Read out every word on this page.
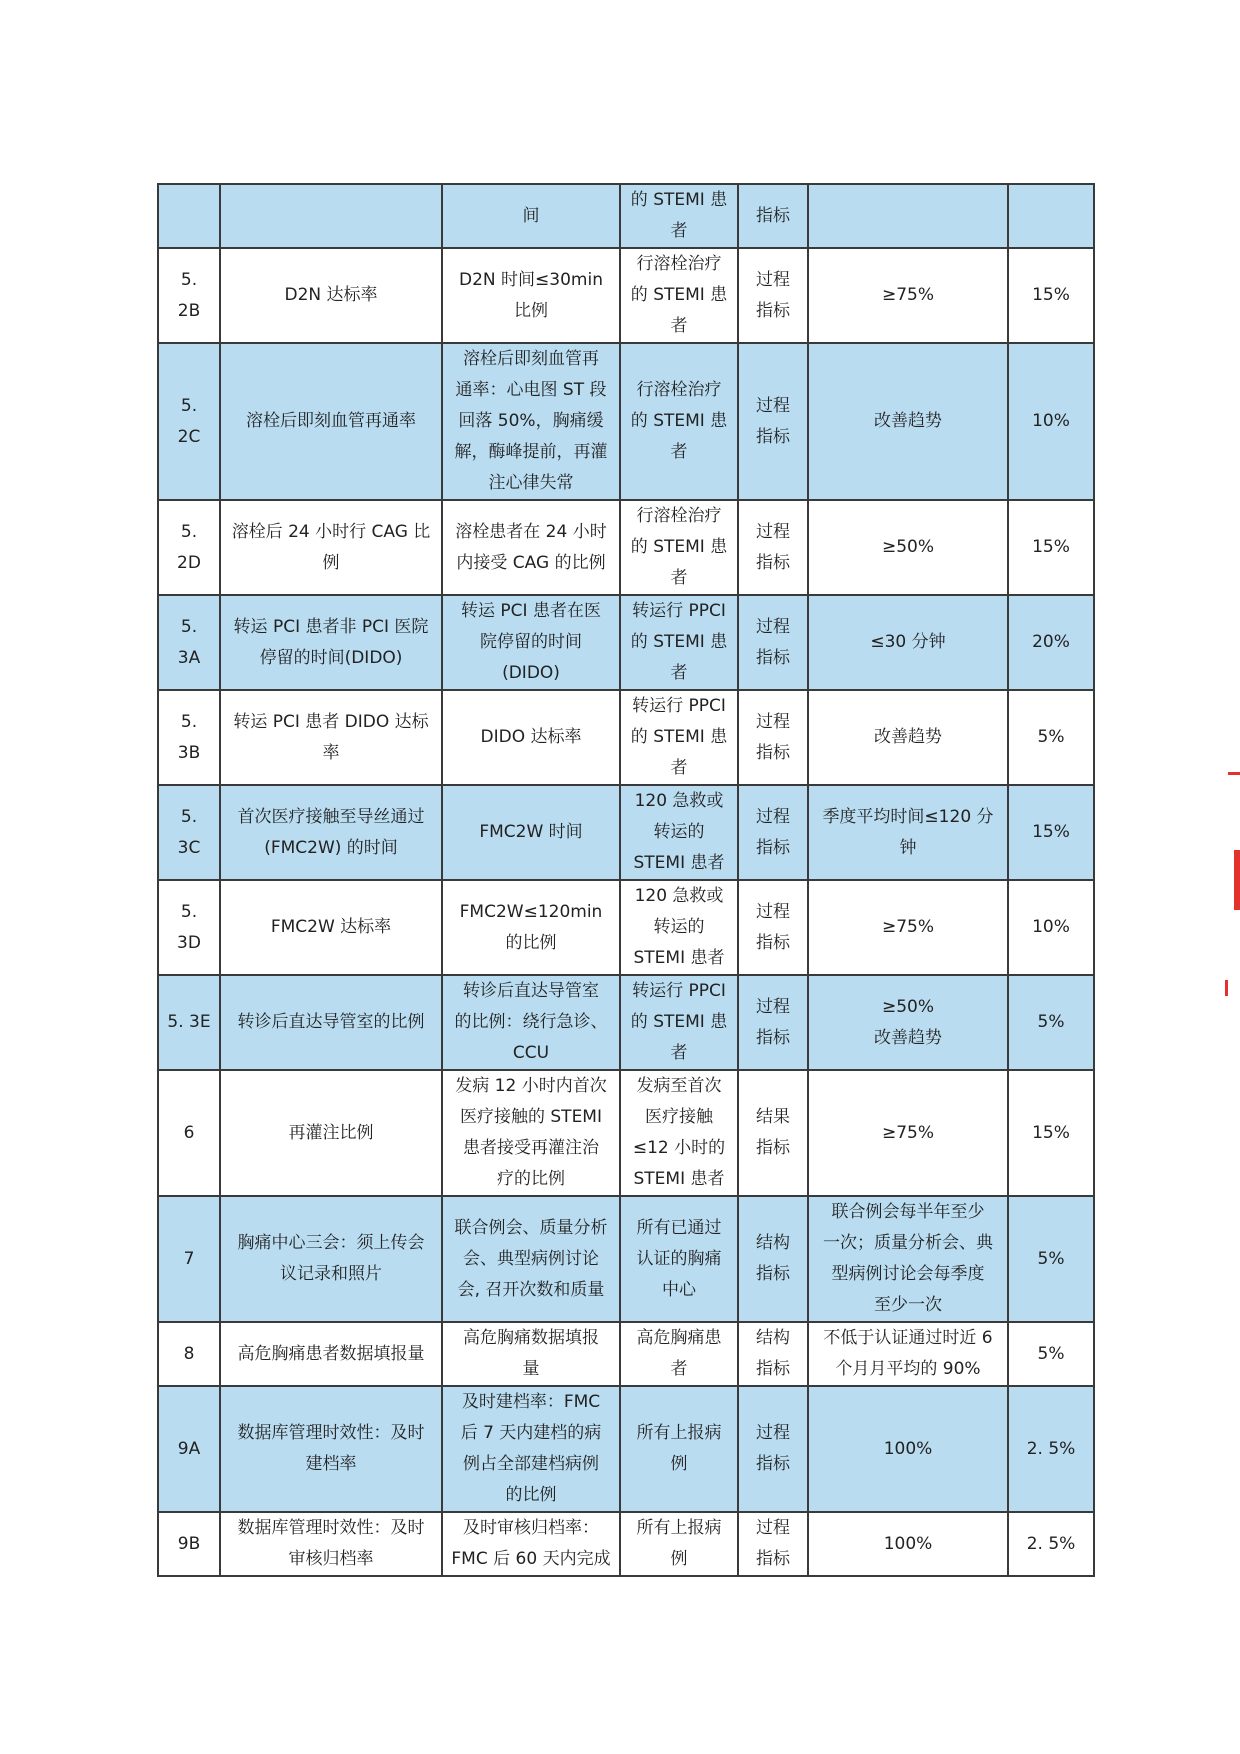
		间	的 STEMI 患
者	指标		

5. 2B	D2N 达标率	D2N 时间≤30min
比例	行溶栓治疗
的 STEMI 患
者	过程
指标	≥75%	15%

5. 2C	溶栓后即刻血管再通率	溶栓后即刻血管再
通率：心电图 ST 段
回落 50%，胸痛缓
解，酶峰提前，再灌
注心律失常	行溶栓治疗
的 STEMI 患
者	过程
指标	改善趋势	10%

5. 2D	溶栓后 24 小时行 CAG 比
例	溶栓患者在 24 小时
内接受 CAG 的比例	行溶栓治疗
的 STEMI 患
者	过程
指标	≥50%	15%

5. 3A	转运 PCI 患者非 PCI 医院
停留的时间(DIDO)	转运 PCI 患者在医
院停留的时间
(DIDO)	转运行 PPCI
的 STEMI 患
者	过程
指标	≤30 分钟	20%

5. 3B	转运 PCI 患者 DIDO 达标
率	DIDO 达标率	转运行 PPCI
的 STEMI 患
者	过程
指标	改善趋势	5%

5. 3C	首次医疗接触至导丝通过
(FMC2W) 的时间	FMC2W 时间	120 急救或
转运的
STEMI 患者	过程
指标	季度平均时间≤120 分
钟	15%

5. 3D	FMC2W 达标率	FMC2W≤120min
的比例	120 急救或
转运的
STEMI 患者	过程
指标	≥75%	10%

5. 3E	转诊后直达导管室的比例	转诊后直达导管室
的比例：绕行急诊、
CCU	转运行 PPCI
的 STEMI 患
者	过程
指标	≥50%
改善趋势	5%

6	再灌注比例	发病 12 小时内首次
医疗接触的 STEMI
患者接受再灌注治
疗的比例	发病至首次
医疗接触
≤12 小时的
STEMI 患者	结果
指标	≥75%	15%

7	胸痛中心三会：须上传会
议记录和照片	联合例会、质量分析
会、典型病例讨论
会, 召开次数和质量	所有已通过
认证的胸痛
中心	结构
指标	联合例会每半年至少
一次；质量分析会、典
型病例讨论会每季度
至少一次	5%

8	高危胸痛患者数据填报量	高危胸痛数据填报
量	高危胸痛患
者	结构
指标	不低于认证通过时近 6
个月月平均的 90%	5%

9A	数据库管理时效性：及时
建档率	及时建档率：FMC
后 7 天内建档的病
例占全部建档病例
的比例	所有上报病
例	过程
指标	100%	2. 5%

9B	数据库管理时效性：及时
审核归档率	及时审核归档率：
FMC 后 60 天内完成	所有上报病
例	过程
指标	100%	2. 5%
